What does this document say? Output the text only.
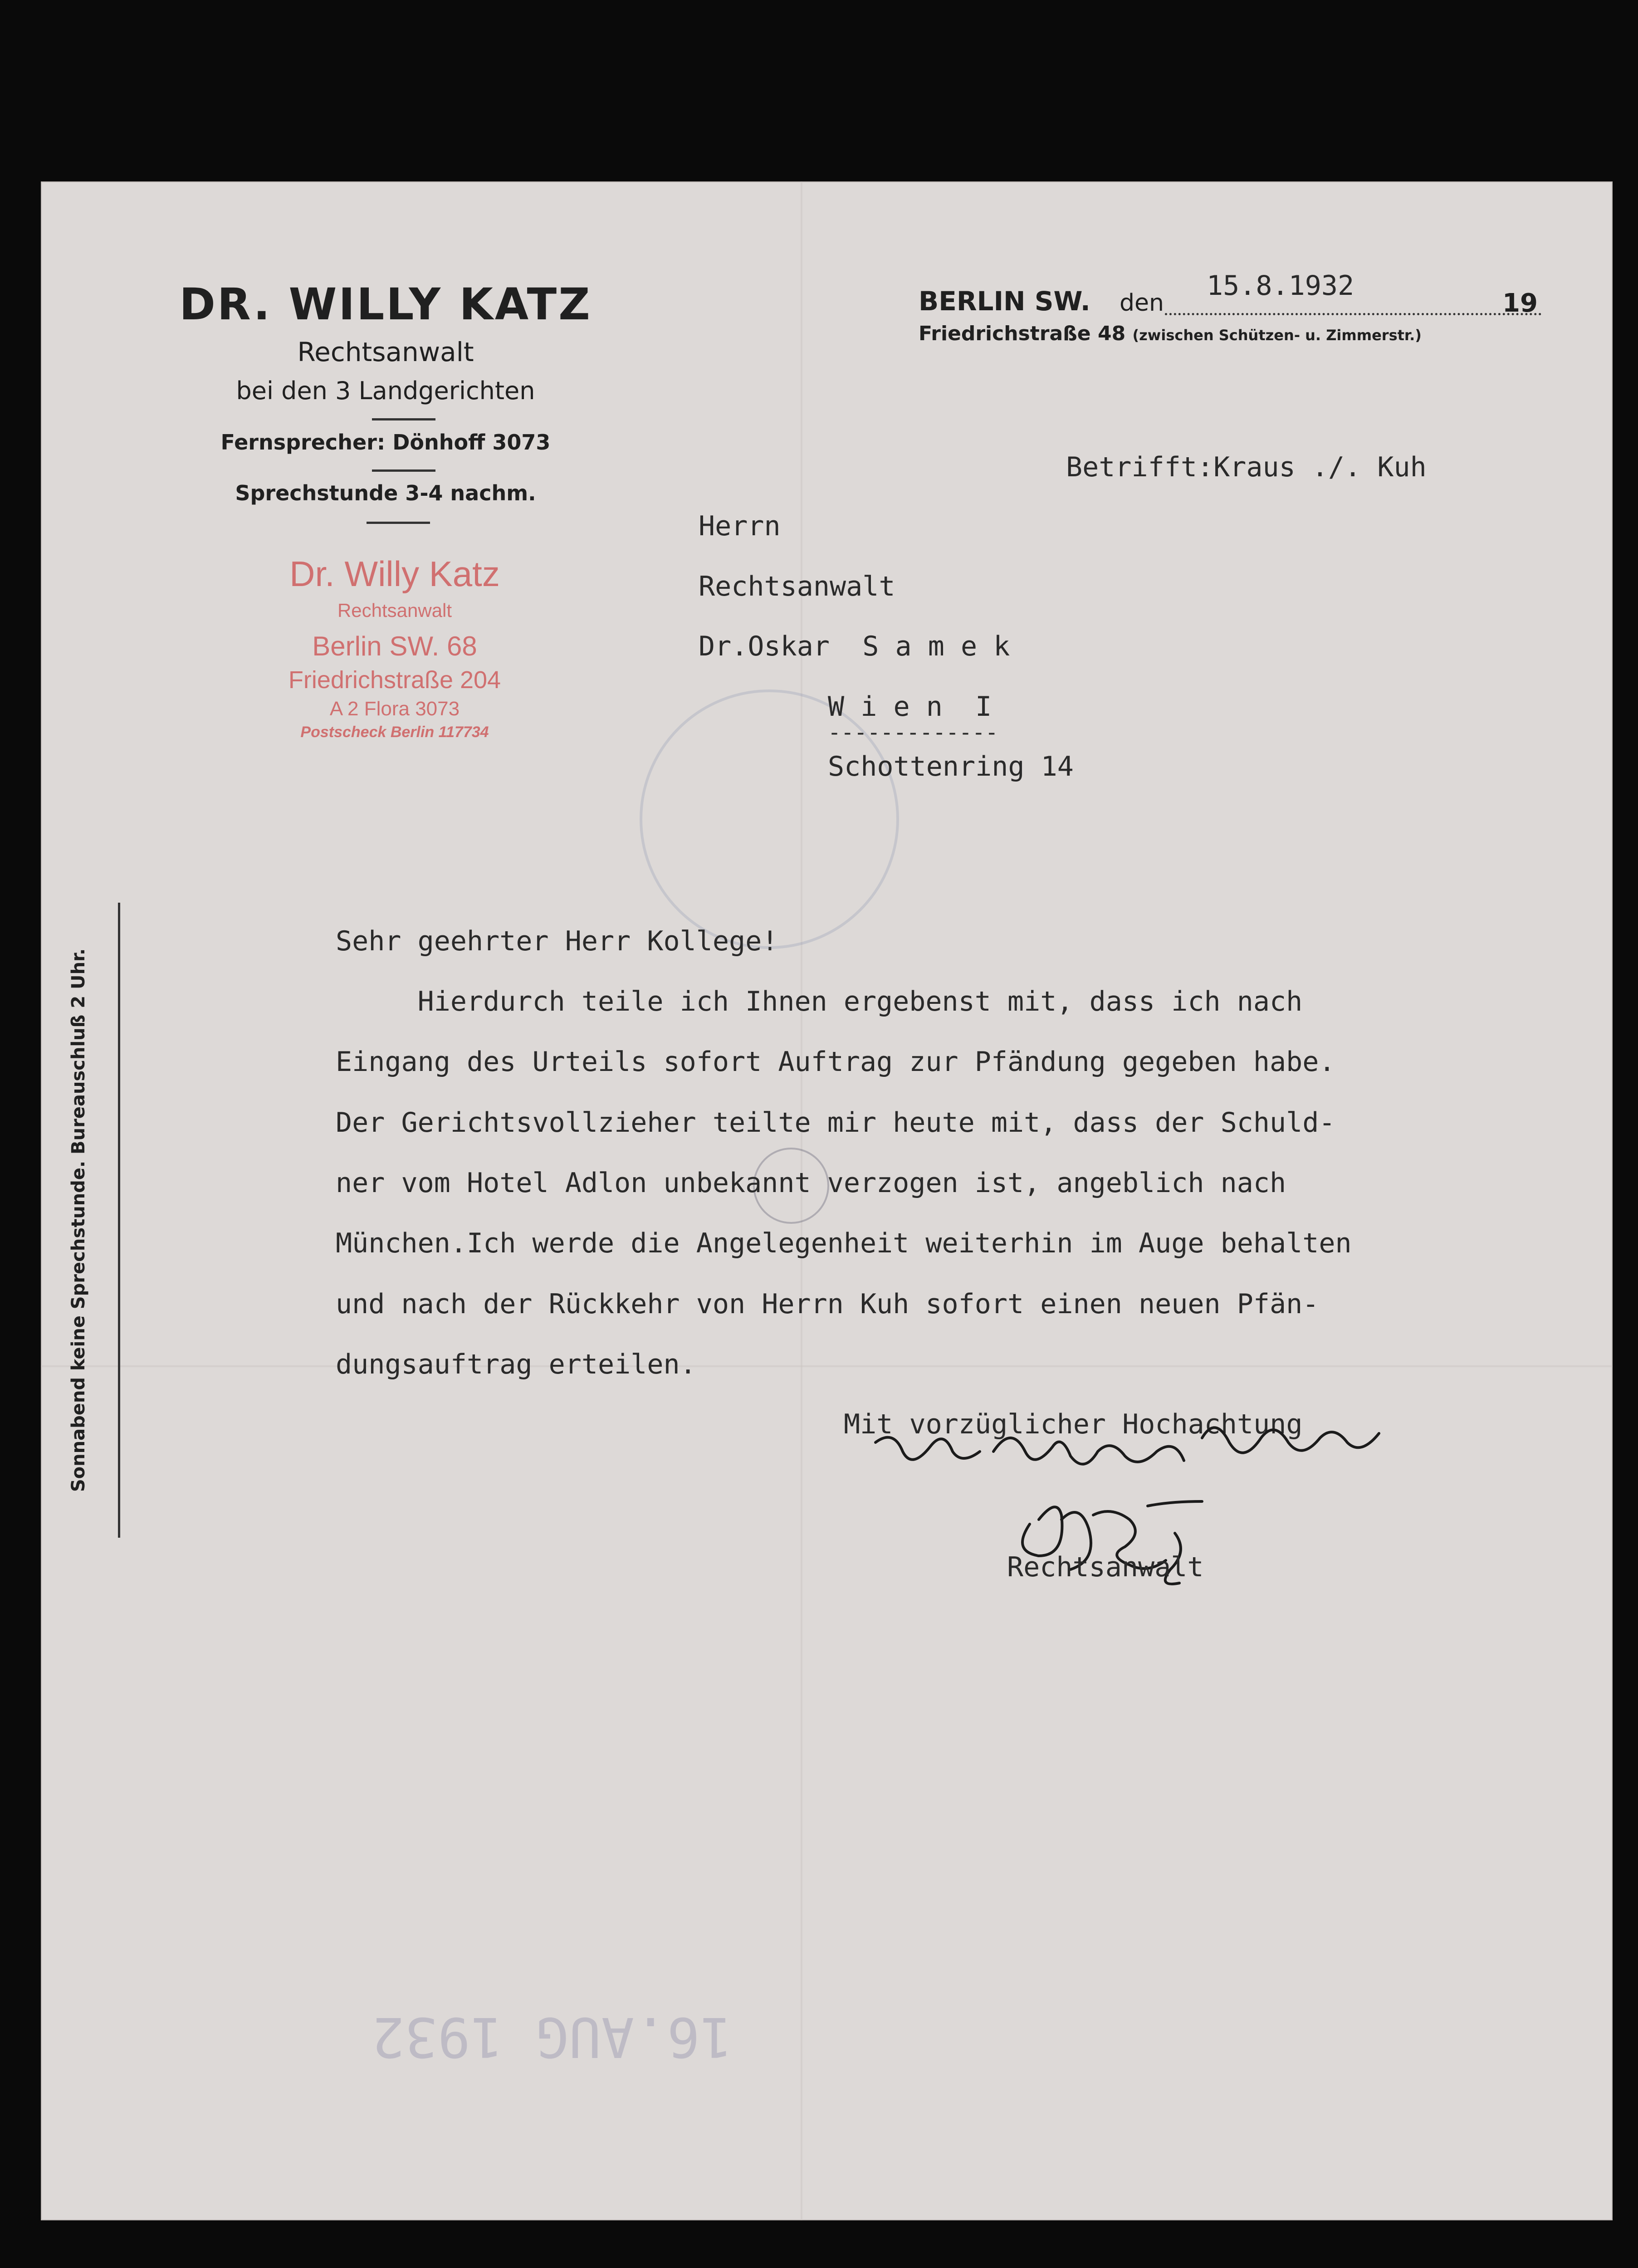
DR. WILLY KATZ
Rechtsanwalt
bei den 3 Landgerichten
Fernsprecher: Dönhoff 3073
Sprechstunde 3-4 nachm.
BERLIN SW. den
15.8.1932
19
Friedrichstraße 48 (zwischen Schützen- u. Zimmerstr.)
Dr. Willy Katz
Rechtsanwalt
Berlin SW. 68
Friedrichstraße 204
A 2 Flora 3073
Postscheck Berlin 117734
Betrifft:Kraus ./. Kuh
Herrn
Rechtsanwalt
Dr.Oskar  S a m e k
W i e n  I
-------------
Schottenring 14
Sehr geehrter Herr Kollege!
Hierdurch teile ich Ihnen ergebenst mit, dass ich nach
Eingang des Urteils sofort Auftrag zur Pfändung gegeben habe.
Der Gerichtsvollzieher teilte mir heute mit, dass der Schuld-
ner vom Hotel Adlon unbekannt verzogen ist, angeblich nach
München.Ich werde die Angelegenheit weiterhin im Auge behalten
und nach der Rückkehr von Herrn Kuh sofort einen neuen Pfän-
dungsauftrag erteilen.
Mit vorzüglicher Hochachtung
Rechtsanwalt
Sonnabend keine Sprechstunde. Bureauschluß 2 Uhr.
16.AUG 1932
